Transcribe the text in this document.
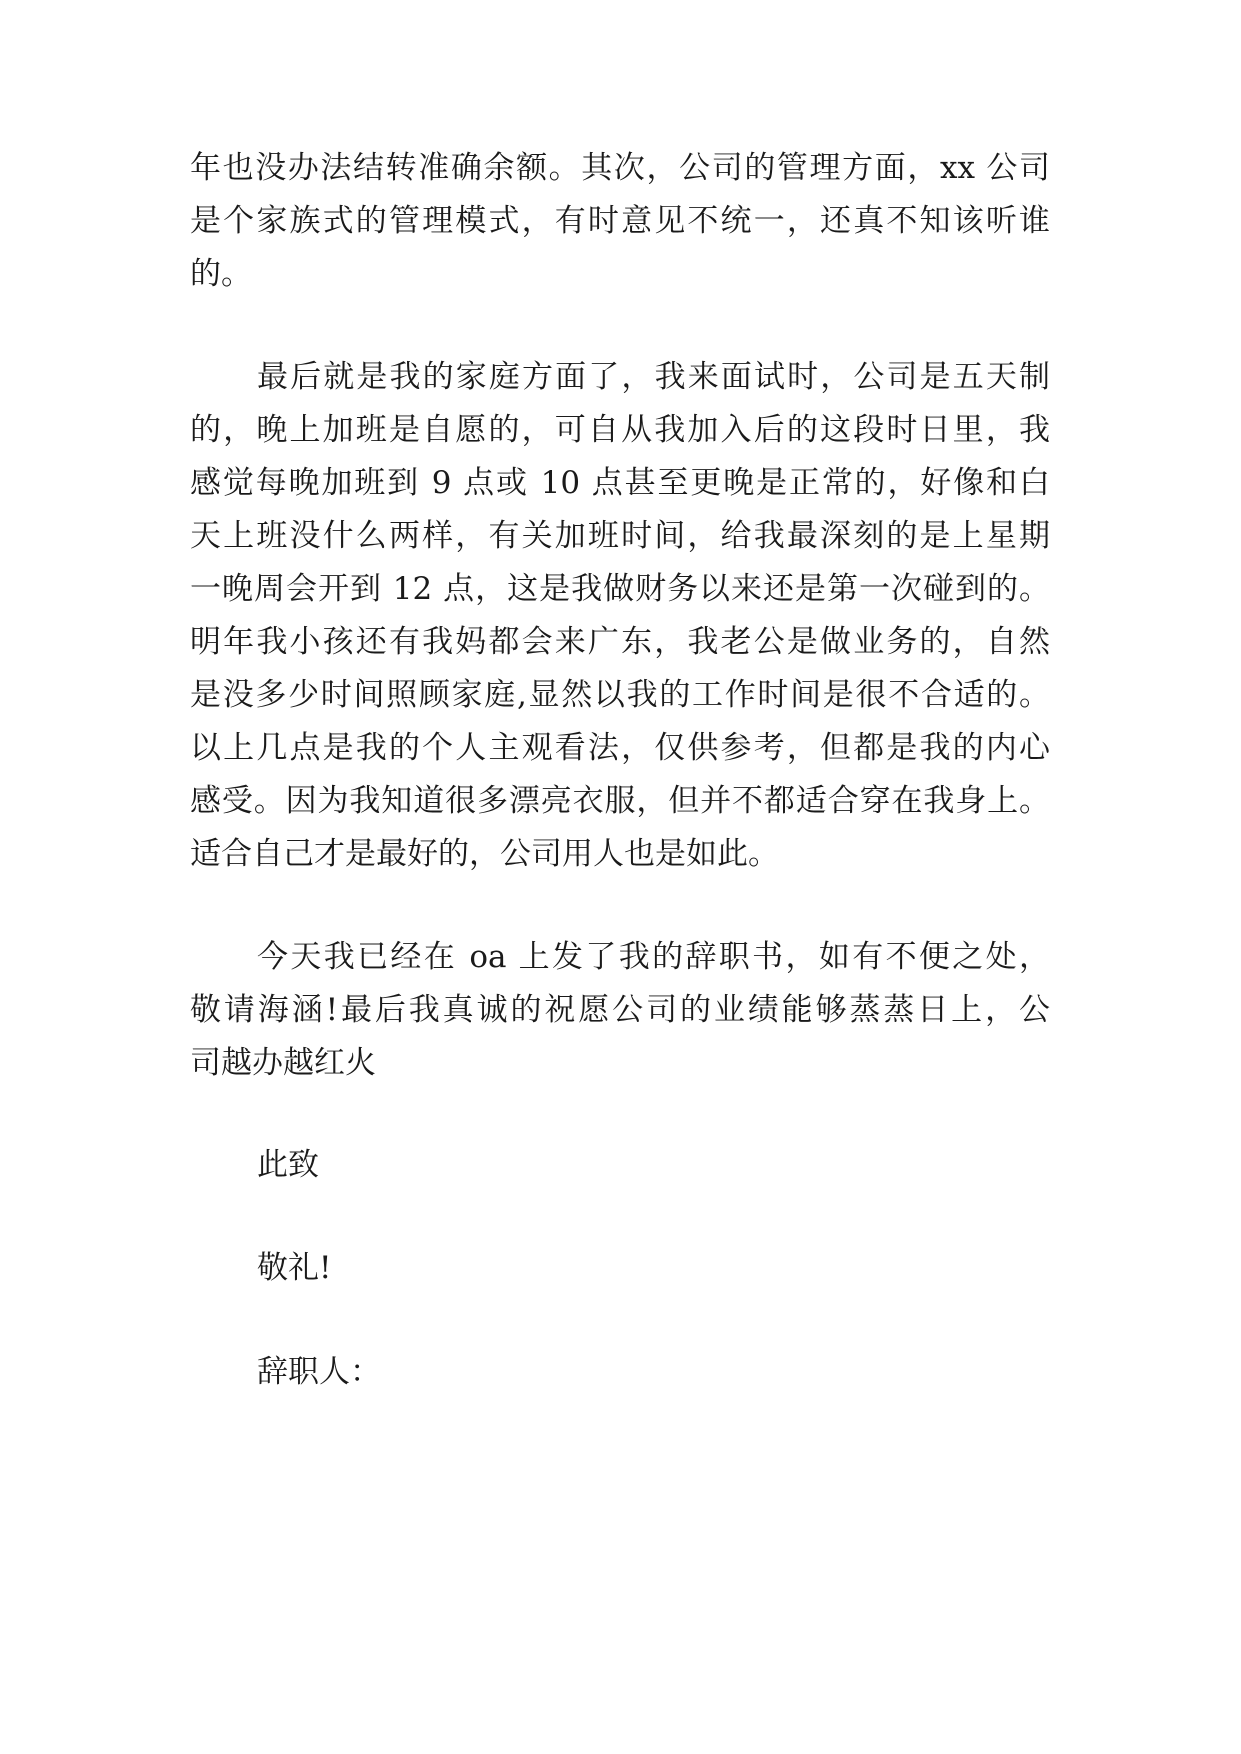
年也没办法结转准确余额。其次，公司的管理方面，xx 公司
是个家族式的管理模式，有时意见不统一，还真不知该听谁
的。
最后就是我的家庭方面了，我来面试时，公司是五天制
的，晚上加班是自愿的，可自从我加入后的这段时日里，我
感觉每晚加班到 9 点或 10 点甚至更晚是正常的，好像和白
天上班没什么两样，有关加班时间，给我最深刻的是上星期
一晚周会开到 12 点，这是我做财务以来还是第一次碰到的。
明年我小孩还有我妈都会来广东，我老公是做业务的，自然
是没多少时间照顾家庭,显然以我的工作时间是很不合适的。
以上几点是我的个人主观看法，仅供参考，但都是我的内心
感受。因为我知道很多漂亮衣服，但并不都适合穿在我身上。
适合自己才是最好的，公司用人也是如此。
今天我已经在 oa 上发了我的辞职书，如有不便之处，
敬请海涵!最后我真诚的祝愿公司的业绩能够蒸蒸日上，公
司越办越红火
此致
敬礼!
辞职人：
